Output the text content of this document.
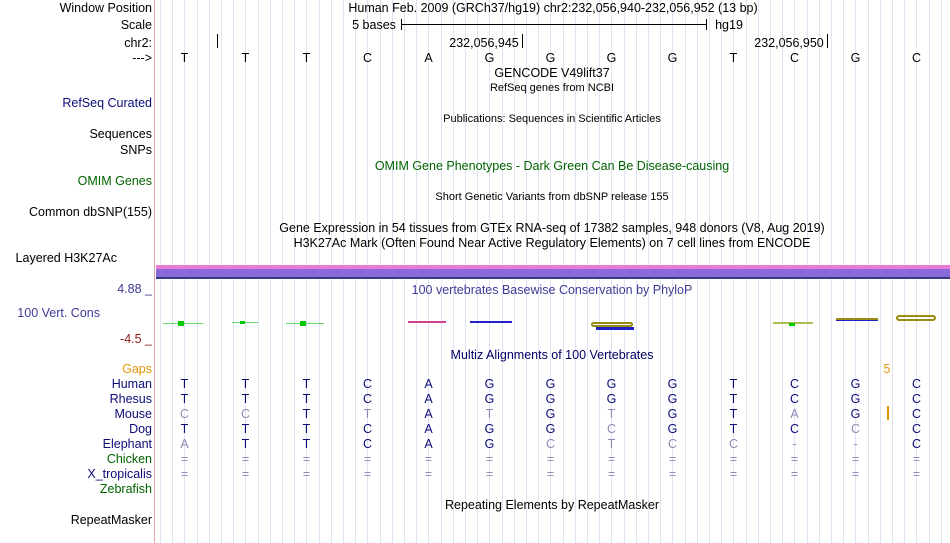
Window Position	Human Feb. 2009 (GRCh37/hg19) chr2:232,056,940-232,056,952 (13 bp)
Scale	5 bases	hg19
chr2:	232,056,945	232,056,950
---> T	T	T	C	A	G	G	G	G	T	C	G	C
GENCODE V49lift37
RefSeq genes from NCBI
RefSeq Curated
Publications: Sequences in Scientific Articles
Sequences
SNPs
OMIM Gene Phenotypes - Dark Green Can Be Disease-causing
OMIM Genes
Short Genetic Variants from dbSNP release 155
Common dbSNP(155)
Gene Expression in 54 tissues from GTEx RNA-seq of 17382 samples, 948 donors (V8, Aug 2019)
H3K27Ac Mark (Often Found Near Active Regulatory Elements) on 7 cell lines from ENCODE
Layered H3K27Ac
4.88 _	100 vertebrates Basewise Conservation by PhyloP
100 Vert. Cons
-4.5 _
Multiz Alignments of 100 Vertebrates
Gaps	5
Human T	T	T	C	A	G	G	G	G	T	C	G	C
Rhesus T	T	T	C	A	G	G	G	G	T	C	G	C
Mouse C	C	T	T	A	T	G	T	G	T	A	G	C
Dog T	T	T	C	A	G	G	C	G	T	C	C	C
Elephant A	T	T	C	A	G	C	T	C	C	-	-	C
Chicken =	=	=	=	=	=	=	=	=	=	=	=	=
X_tropicalis =	=	=	=	=	=	=	=	=	=	=	=	=
Zebrafish
Repeating Elements by RepeatMasker
RepeatMasker
